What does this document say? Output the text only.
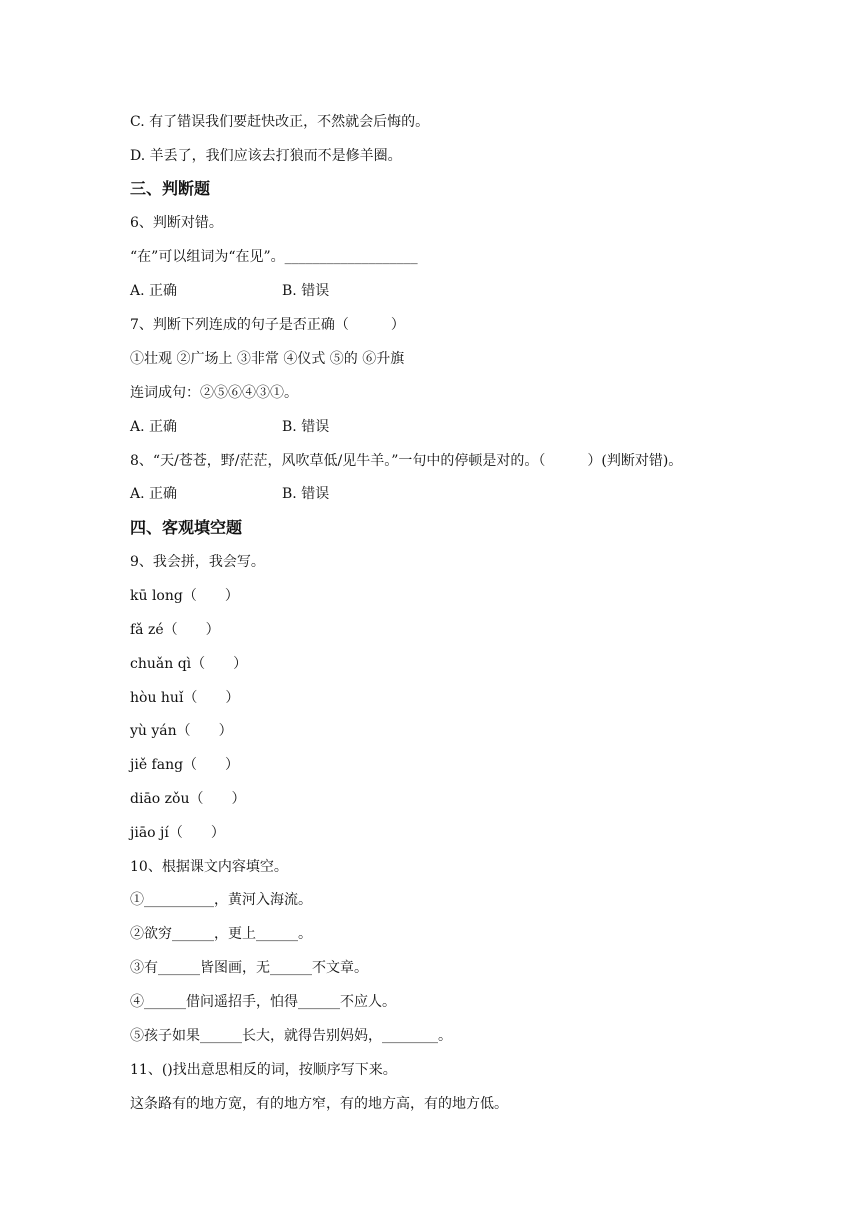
C. 有了错误我们要赶快改正，不然就会后悔的。
D. 羊丢了，我们应该去打狼而不是修羊圈。
三、判断题
6、判断对错。
“在”可以组词为“在见”。___________________
A. 正确	B. 错误
7、判断下列连成的句子是否正确（　　　）
①壮观 ②广场上 ③非常 ④仪式 ⑤的 ⑥升旗
连词成句：②⑤⑥④③①。
A. 正确	B. 错误
8、“天/苍苍，野/茫茫，风吹草低/见牛羊。”一句中的停顿是对的。（　　　）(判断对错)。
A. 正确	B. 错误
四、客观填空题
9、我会拼，我会写。
kū long（　　）
fǎ zé（　　）
chuǎn qì（　　）
hòu huǐ（　　）
yù yán（　　）
jiě fang（　　）
diāo zǒu（　　）
jiāo jí（　　）
10、根据课文内容填空。
①__________，黄河入海流。
②欲穷______，更上______。
③有______皆图画，无______不文章。
④______借问遥招手，怕得______不应人。
⑤孩子如果______长大，就得告别妈妈，________。
11、()找出意思相反的词，按顺序写下来。
这条路有的地方宽，有的地方窄，有的地方高，有的地方低。
